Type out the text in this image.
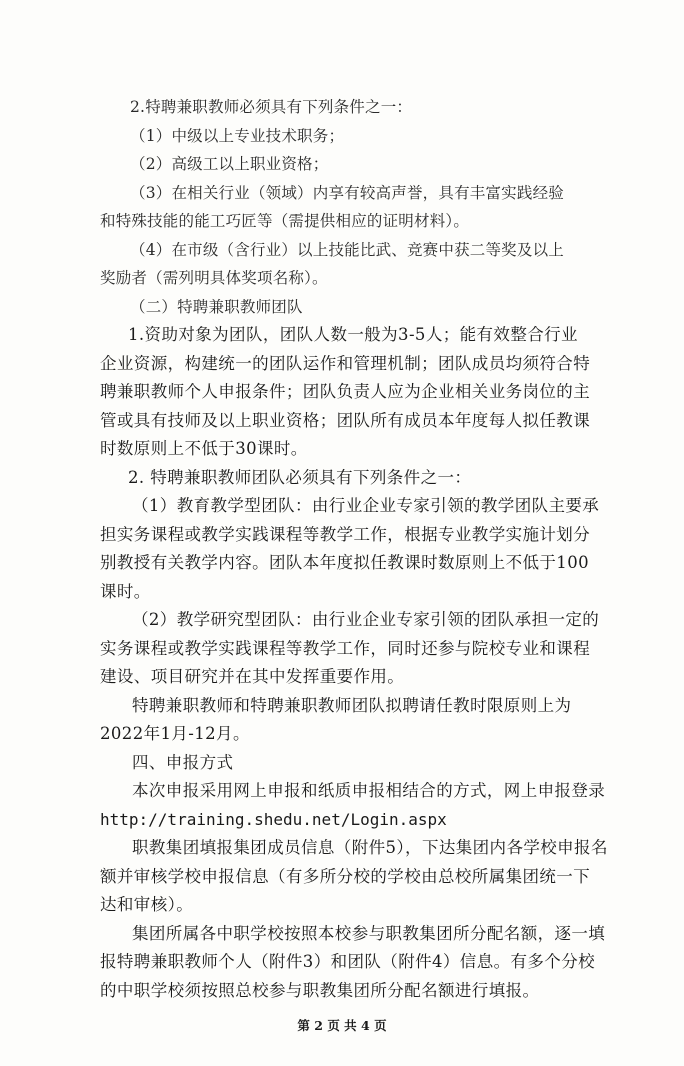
2.特聘兼职教师必须具有下列条件之一：
（1）中级以上专业技术职务；
（2）高级工以上职业资格；
（3）在相关行业（领域）内享有较高声誉，具有丰富实践经验
和特殊技能的能工巧匠等（需提供相应的证明材料）。
（4）在市级（含行业）以上技能比武、竞赛中获二等奖及以上
奖励者（需列明具体奖项名称）。
（二）特聘兼职教师团队
1.资助对象为团队，团队人数一般为3-5人；能有效整合行业
企业资源，构建统一的团队运作和管理机制；团队成员均须符合特
聘兼职教师个人申报条件；团队负责人应为企业相关业务岗位的主
管或具有技师及以上职业资格；团队所有成员本年度每人拟任教课
时数原则上不低于30课时。
2. 特聘兼职教师团队必须具有下列条件之一：
（1）教育教学型团队：由行业企业专家引领的教学团队主要承
担实务课程或教学实践课程等教学工作，根据专业教学实施计划分
别教授有关教学内容。团队本年度拟任教课时数原则上不低于100
课时。
（2）教学研究型团队：由行业企业专家引领的团队承担一定的
实务课程或教学实践课程等教学工作，同时还参与院校专业和课程
建设、项目研究并在其中发挥重要作用。
特聘兼职教师和特聘兼职教师团队拟聘请任教时限原则上为
2022年1月-12月。
四、申报方式
本次申报采用网上申报和纸质申报相结合的方式，网上申报登录
http://training.shedu.net/Login.aspx
职教集团填报集团成员信息（附件5），下达集团内各学校申报名
额并审核学校申报信息（有多所分校的学校由总校所属集团统一下
达和审核）。
集团所属各中职学校按照本校参与职教集团所分配名额，逐一填
报特聘兼职教师个人（附件3）和团队（附件4）信息。有多个分校
的中职学校须按照总校参与职教集团所分配名额进行填报。
第 2 页 共 4 页
